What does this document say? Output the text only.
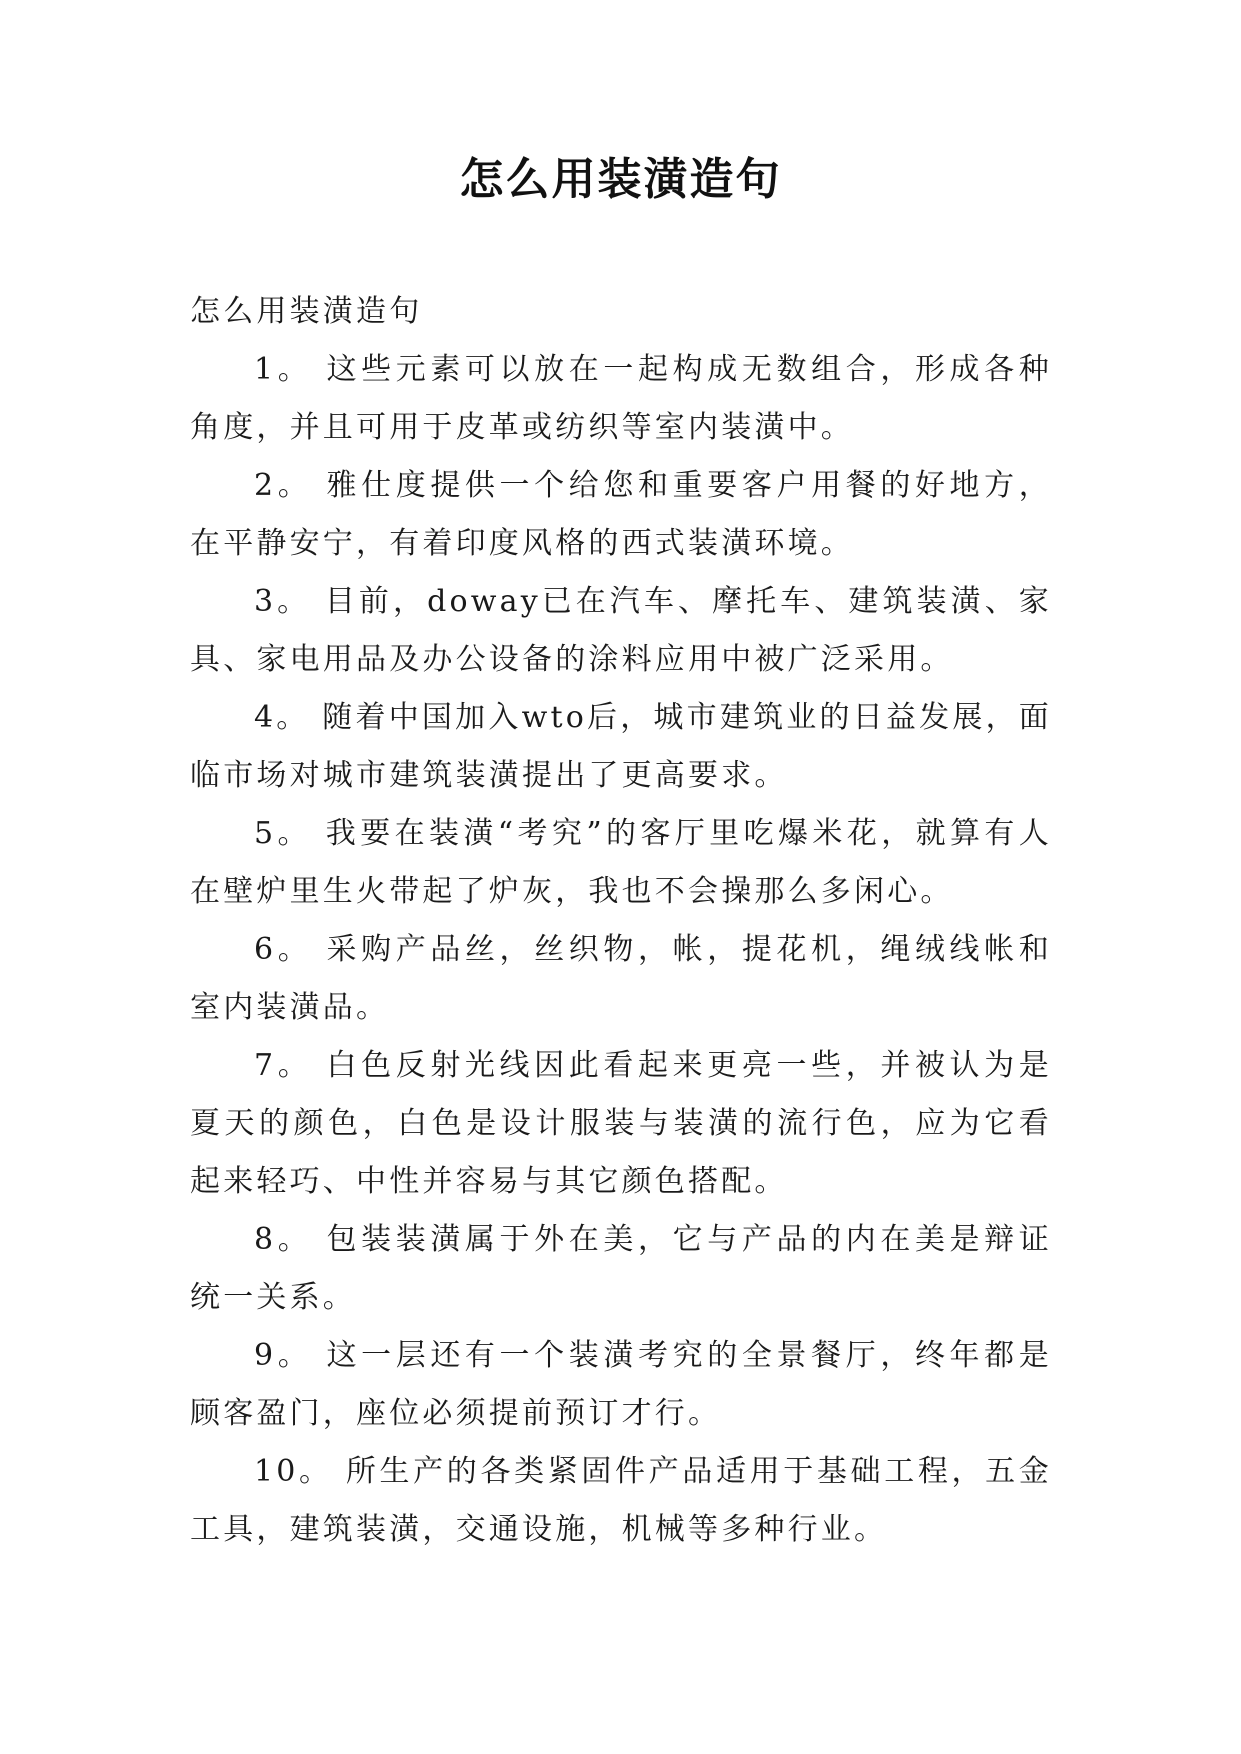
怎么用装潢造句

怎么用装潢造句

1。 这些元素可以放在一起构成无数组合，形成各种角度，并且可用于皮革或纺织等室内装潢中。

2。 雅仕度提供一个给您和重要客户用餐的好地方，在平静安宁，有着印度风格的西式装潢环境。

3。 目前，doway已在汽车、摩托车、建筑装潢、家具、家电用品及办公设备的涂料应用中被广泛采用。

4。 随着中国加入wto后，城市建筑业的日益发展，面临市场对城市建筑装潢提出了更高要求。

5。 我要在装潢“考究”的客厅里吃爆米花，就算有人在壁炉里生火带起了炉灰，我也不会操那么多闲心。

6。 采购产品丝，丝织物，帐，提花机，绳绒线帐和室内装潢品。

7。 白色反射光线因此看起来更亮一些，并被认为是夏天的颜色，白色是设计服装与装潢的流行色，应为它看起来轻巧、中性并容易与其它颜色搭配。

8。 包装装潢属于外在美，它与产品的内在美是辩证统一关系。

9。 这一层还有一个装潢考究的全景餐厅，终年都是顾客盈门，座位必须提前预订才行。

10。 所生产的各类紧固件产品适用于基础工程，五金工具，建筑装潢，交通设施，机械等多种行业。
